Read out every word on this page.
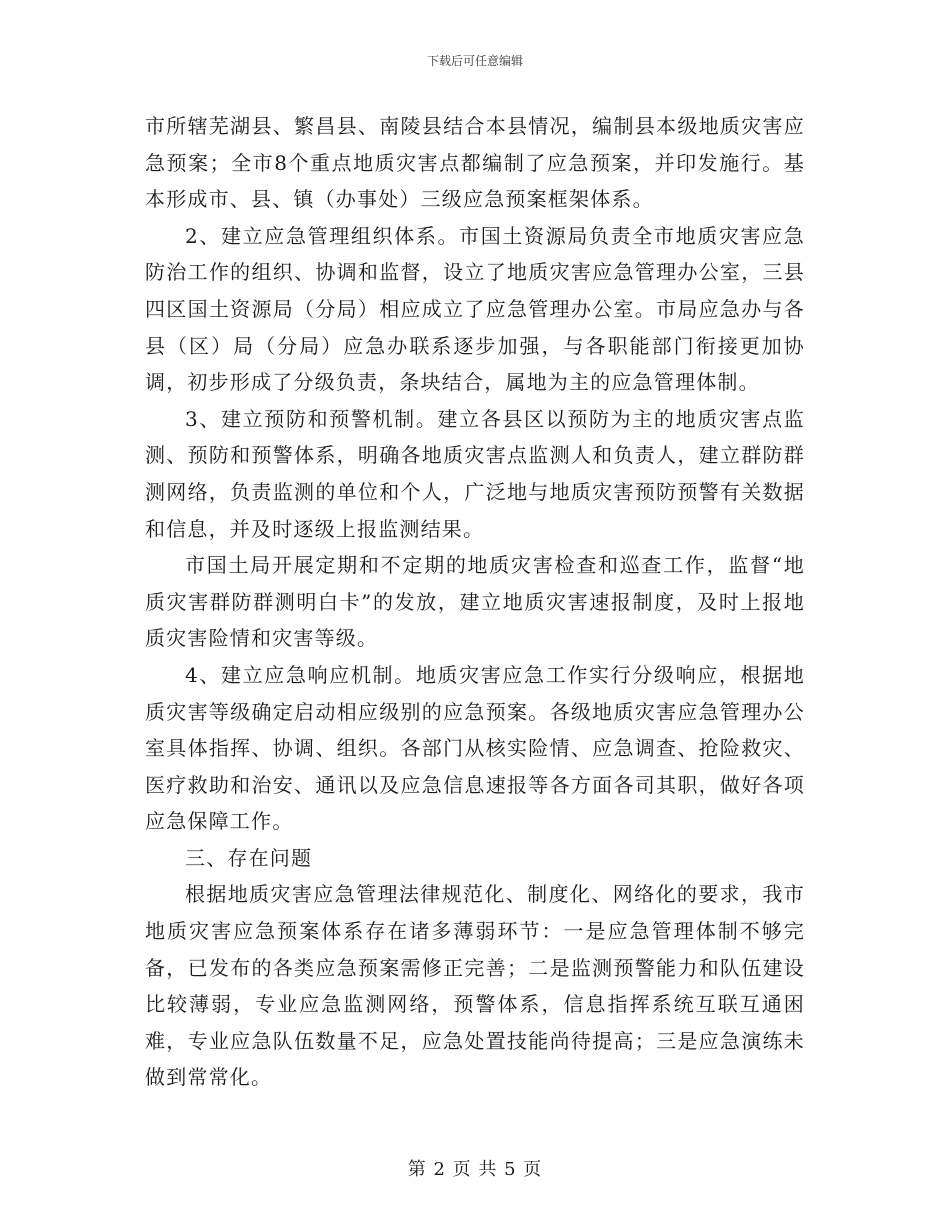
下载后可任意编辑

市所辖芜湖县、繁昌县、南陵县结合本县情况，编制县本级地质灾害应急预案；全市8个重点地质灾害点都编制了应急预案，并印发施行。基本形成市、县、镇（办事处）三级应急预案框架体系。

2、建立应急管理组织体系。市国土资源局负责全市地质灾害应急防治工作的组织、协调和监督，设立了地质灾害应急管理办公室，三县四区国土资源局（分局）相应成立了应急管理办公室。市局应急办与各县（区）局（分局）应急办联系逐步加强，与各职能部门衔接更加协调，初步形成了分级负责，条块结合，属地为主的应急管理体制。

3、建立预防和预警机制。建立各县区以预防为主的地质灾害点监测、预防和预警体系，明确各地质灾害点监测人和负责人，建立群防群测网络，负责监测的单位和个人，广泛地与地质灾害预防预警有关数据和信息，并及时逐级上报监测结果。

市国土局开展定期和不定期的地质灾害检查和巡查工作，监督“地质灾害群防群测明白卡”的发放，建立地质灾害速报制度，及时上报地质灾害险情和灾害等级。

4、建立应急响应机制。地质灾害应急工作实行分级响应，根据地质灾害等级确定启动相应级别的应急预案。各级地质灾害应急管理办公室具体指挥、协调、组织。各部门从核实险情、应急调查、抢险救灾、医疗救助和治安、通讯以及应急信息速报等各方面各司其职，做好各项应急保障工作。

三、存在问题

根据地质灾害应急管理法律规范化、制度化、网络化的要求，我市地质灾害应急预案体系存在诸多薄弱环节：一是应急管理体制不够完备，已发布的各类应急预案需修正完善；二是监测预警能力和队伍建设比较薄弱，专业应急监测网络，预警体系，信息指挥系统互联互通困难，专业应急队伍数量不足，应急处置技能尚待提高；三是应急演练未做到常常化。

第 2 页 共 5 页
